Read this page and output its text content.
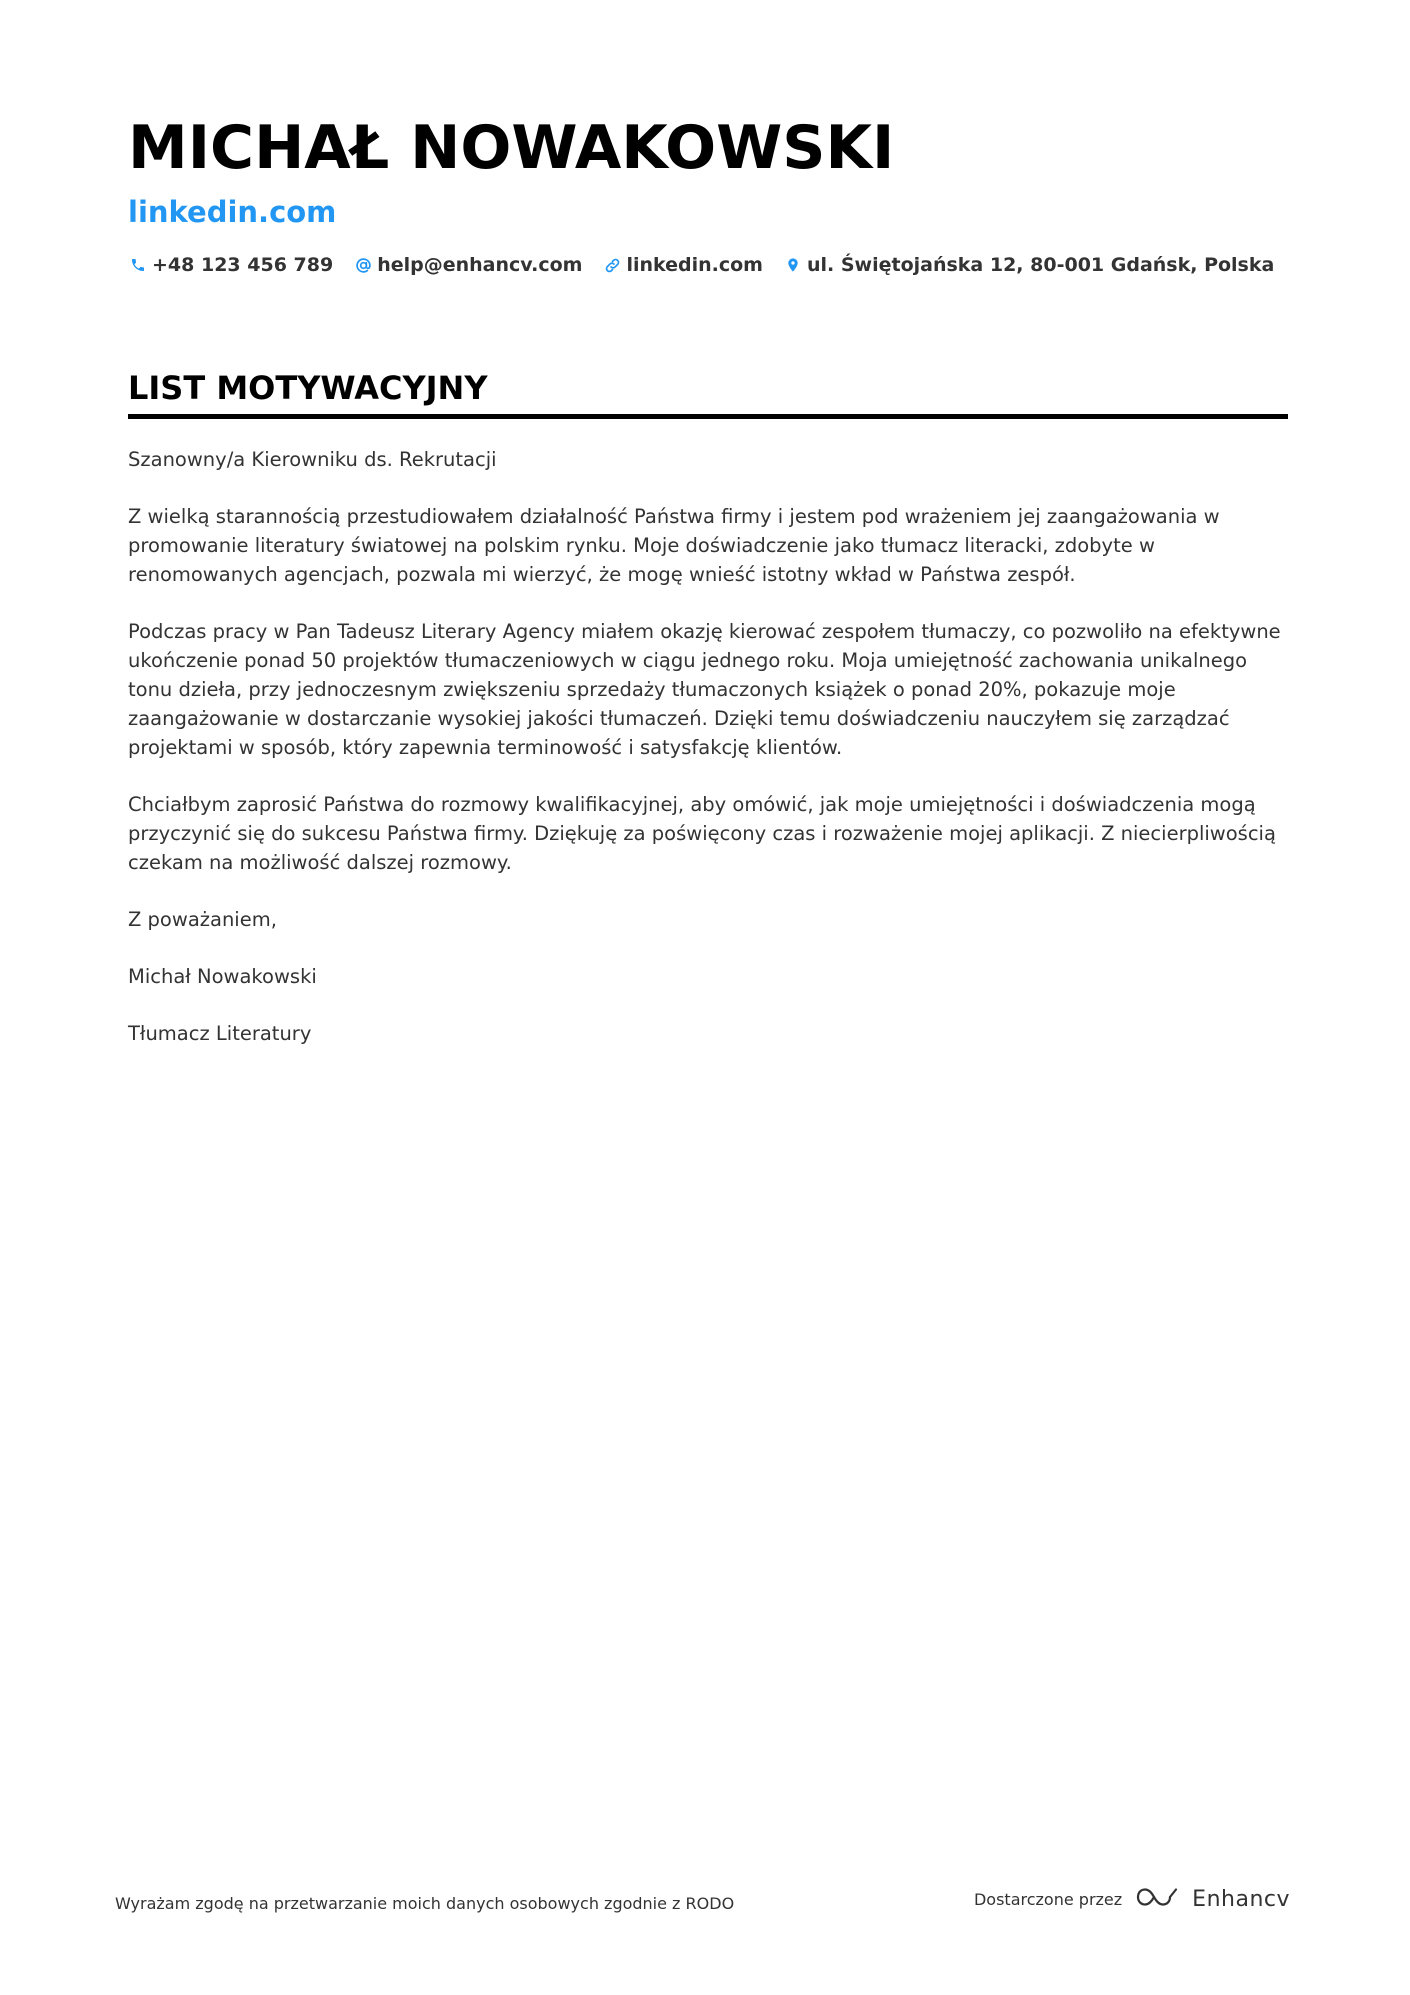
MICHAŁ NOWAKOWSKI
linkedin.com
+48 123 456 789 help@enhancv.com linkedin.com ul. Świętojańska 12, 80-001 Gdańsk, Polska
LIST MOTYWACYJNY

Szanowny/a Kierowniku ds. Rekrutacji

Z wielką starannością przestudiowałem działalność Państwa firmy i jestem pod wrażeniem jej zaangażowania w promowanie literatury światowej na polskim rynku. Moje doświadczenie jako tłumacz literacki, zdobyte w renomowanych agencjach, pozwala mi wierzyć, że mogę wnieść istotny wkład w Państwa zespół.

Podczas pracy w Pan Tadeusz Literary Agency miałem okazję kierować zespołem tłumaczy, co pozwoliło na efektywne ukończenie ponad 50 projektów tłumaczeniowych w ciągu jednego roku. Moja umiejętność zachowania unikalnego tonu dzieła, przy jednoczesnym zwiększeniu sprzedaży tłumaczonych książek o ponad 20%, pokazuje moje zaangażowanie w dostarczanie wysokiej jakości tłumaczeń. Dzięki temu doświadczeniu nauczyłem się zarządzać projektami w sposób, który zapewnia terminowość i satysfakcję klientów.

Chciałbym zaprosić Państwa do rozmowy kwalifikacyjnej, aby omówić, jak moje umiejętności i doświadczenia mogą przyczynić się do sukcesu Państwa firmy. Dziękuję za poświęcony czas i rozważenie mojej aplikacji. Z niecierpliwością czekam na możliwość dalszej rozmowy.

Z poważaniem,

Michał Nowakowski

Tłumacz Literatury

Wyrażam zgodę na przetwarzanie moich danych osobowych zgodnie z RODO	Dostarczone przez	Enhancv
